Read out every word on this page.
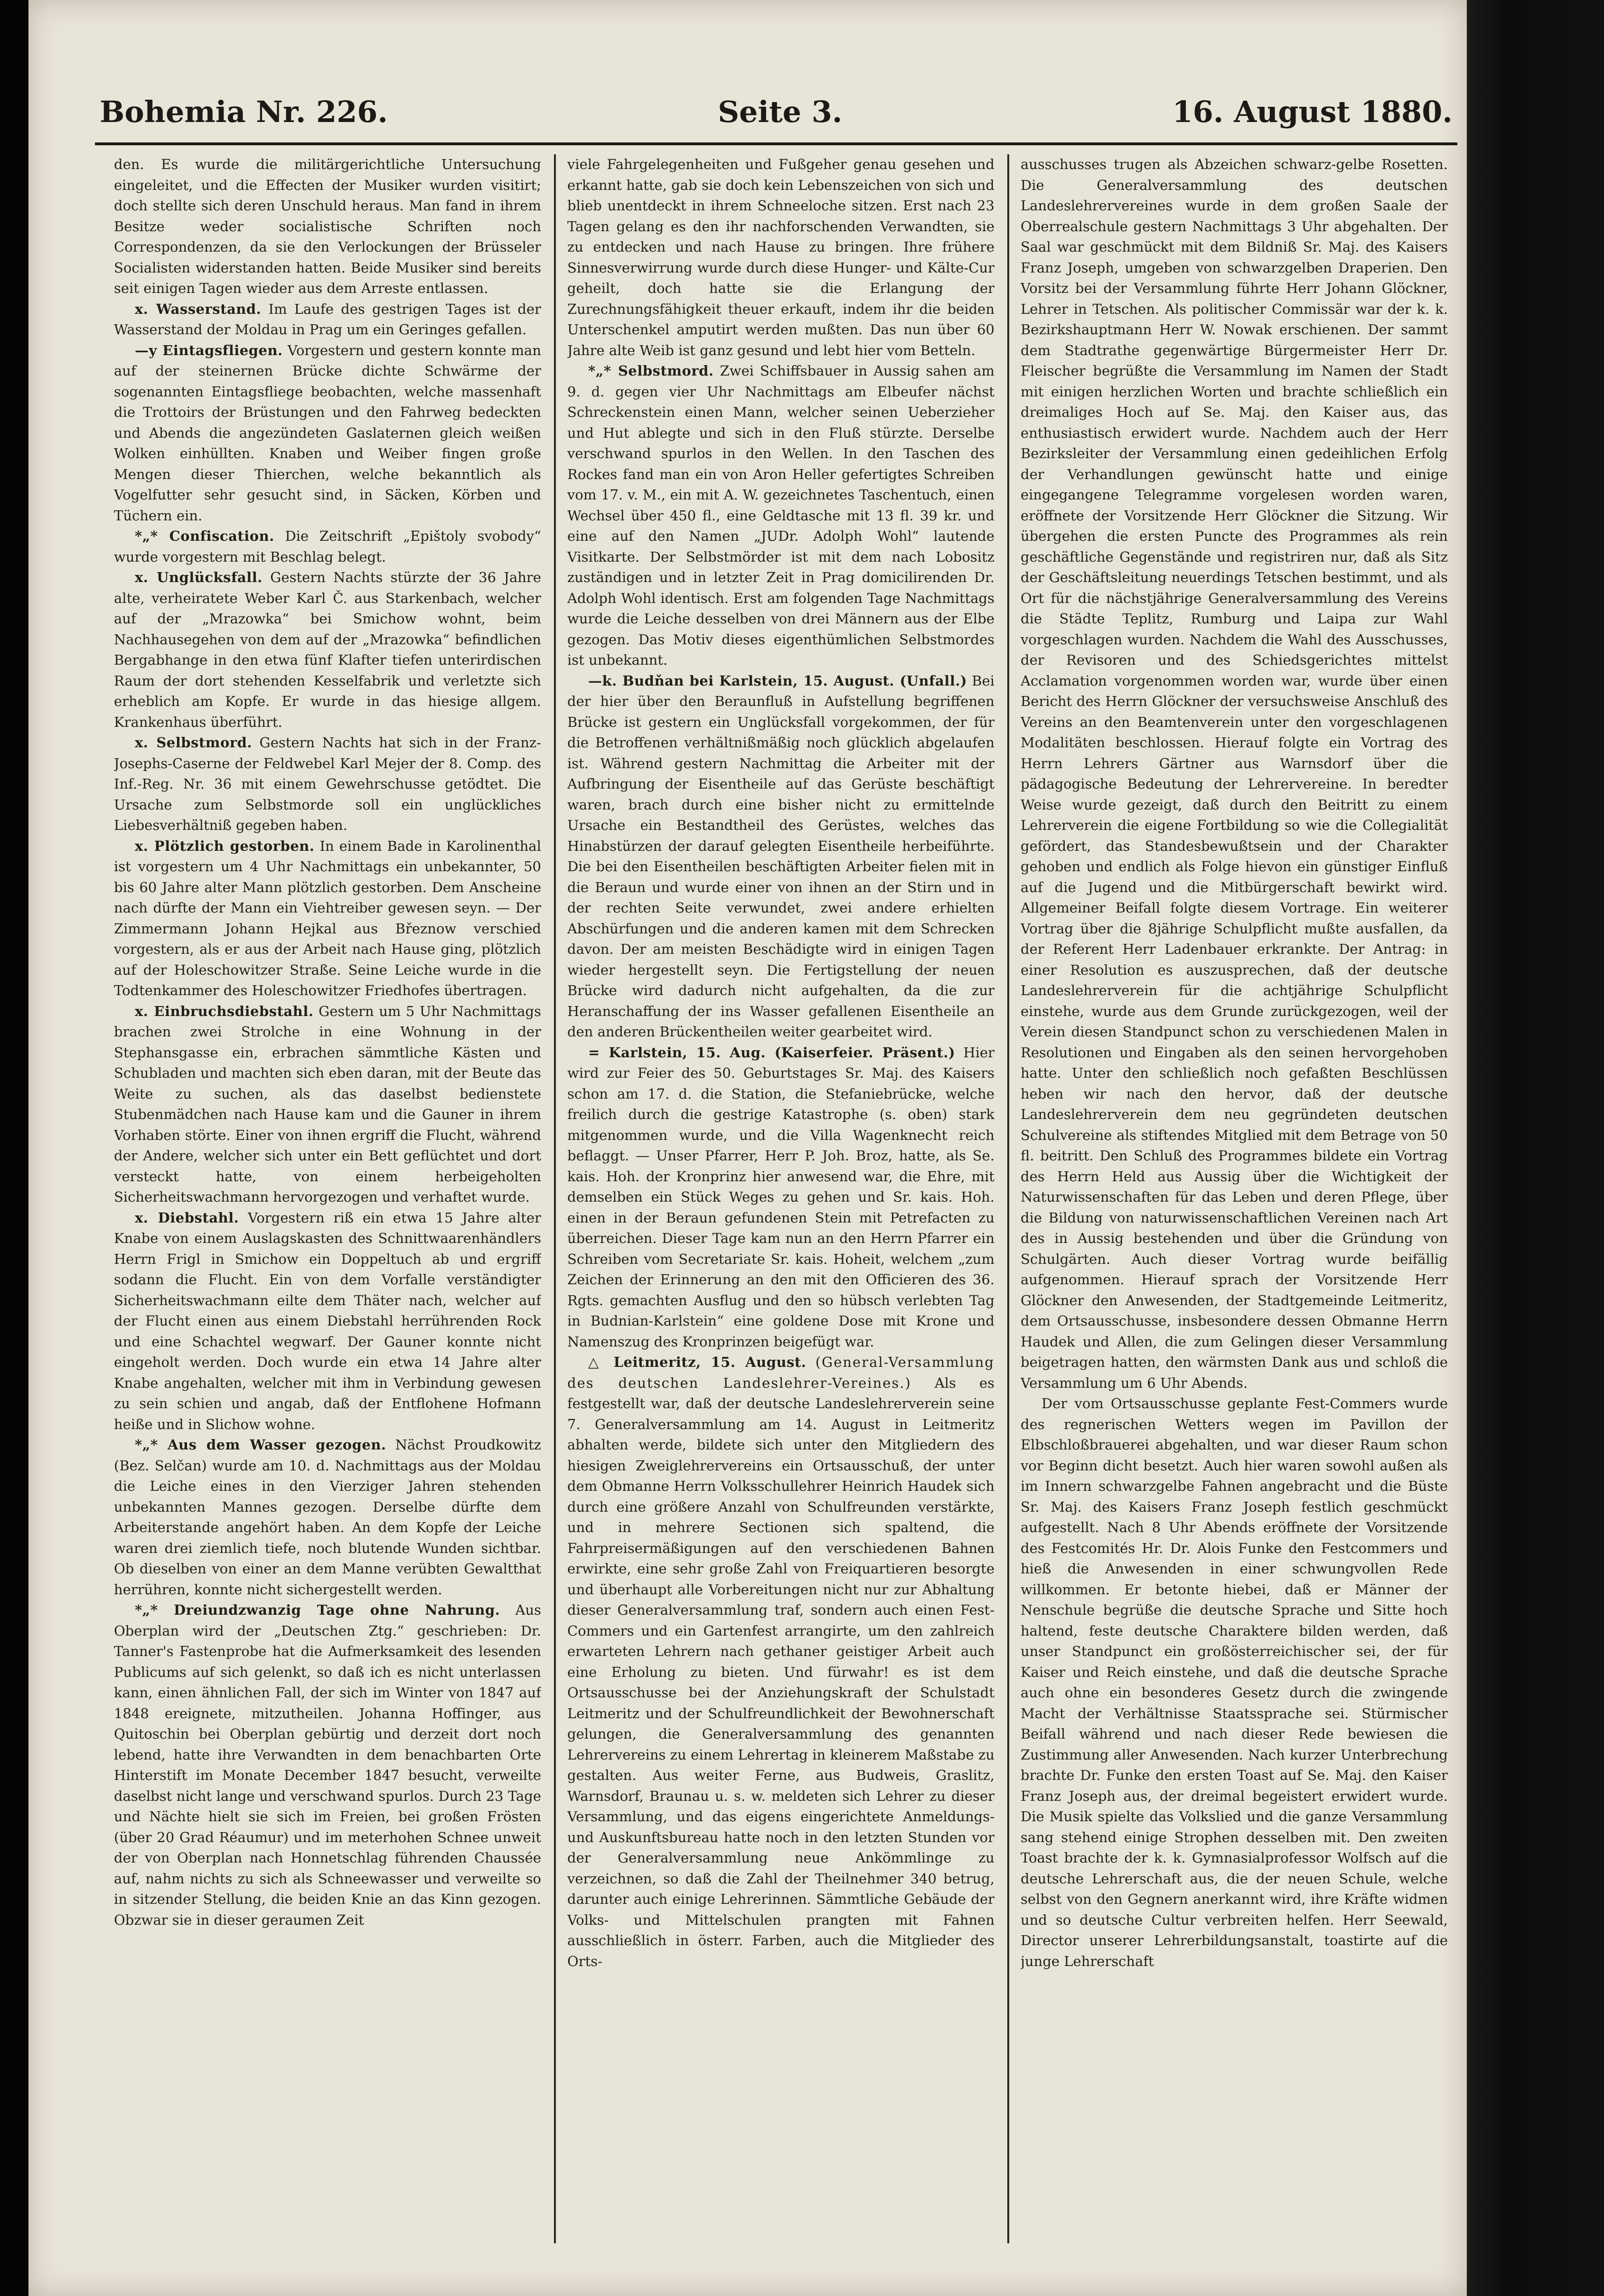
Bohemia Nr. 226.	Seite 3.	16. August 1880.

den. Es wurde die militärgerichtliche Untersuchung eingeleitet, und die Effecten der Musiker wurden visitirt; doch stellte sich deren Unschuld heraus. Man fand in ihrem Besitze weder socialistische Schriften noch Correspondenzen, da sie den Verlockungen der Brüsseler Socialisten widerstanden hatten. Beide Musiker sind bereits seit einigen Tagen wieder aus dem Arreste entlassen.

x. Wasserstand. Im Laufe des gestrigen Tages ist der Wasserstand der Moldau in Prag um ein Geringes gefallen.

—y Eintagsfliegen. Vorgestern und gestern konnte man auf der steinernen Brücke dichte Schwärme der sogenannten Eintagsfliege beobachten, welche massenhaft die Trottoirs der Brüstungen und den Fahrweg bedeckten und Abends die angezündeten Gaslaternen gleich weißen Wolken einhüllten. Knaben und Weiber fingen große Mengen dieser Thierchen, welche bekanntlich als Vogelfutter sehr gesucht sind, in Säcken, Körben und Tüchern ein.

*„* Confiscation. Die Zeitschrift „Epištoly svobody“ wurde vorgestern mit Beschlag belegt.

x. Unglücksfall. Gestern Nachts stürzte der 36 Jahre alte, verheiratete Weber Karl Č. aus Starkenbach, welcher auf der „Mrazowka“ bei Smichow wohnt, beim Nachhausegehen von dem auf der „Mrazowka“ befindlichen Bergabhange in den etwa fünf Klafter tiefen unterirdischen Raum der dort stehenden Kesselfabrik und verletzte sich erheblich am Kopfe. Er wurde in das hiesige allgem. Krankenhaus überführt.

x. Selbstmord. Gestern Nachts hat sich in der Franz-Josephs-Caserne der Feldwebel Karl Mejer der 8. Comp. des Inf.-Reg. Nr. 36 mit einem Gewehrschusse getödtet. Die Ursache zum Selbstmorde soll ein unglückliches Liebesverhältniß gegeben haben.

x. Plötzlich gestorben. In einem Bade in Karolinenthal ist vorgestern um 4 Uhr Nachmittags ein unbekannter, 50 bis 60 Jahre alter Mann plötzlich gestorben. Dem Anscheine nach dürfte der Mann ein Viehtreiber gewesen seyn. — Der Zimmermann Johann Hejkal aus Březnow verschied vorgestern, als er aus der Arbeit nach Hause ging, plötzlich auf der Holeschowitzer Straße. Seine Leiche wurde in die Todtenkammer des Holeschowitzer Friedhofes übertragen.

x. Einbruchsdiebstahl. Gestern um 5 Uhr Nachmittags brachen zwei Strolche in eine Wohnung in der Stephansgasse ein, erbrachen sämmtliche Kästen und Schubladen und machten sich eben daran, mit der Beute das Weite zu suchen, als das daselbst bedienstete Stubenmädchen nach Hause kam und die Gauner in ihrem Vorhaben störte. Einer von ihnen ergriff die Flucht, während der Andere, welcher sich unter ein Bett geflüchtet und dort versteckt hatte, von einem herbeigeholten Sicherheitswachmann hervorgezogen und verhaftet wurde.

x. Diebstahl. Vorgestern riß ein etwa 15 Jahre alter Knabe von einem Auslagskasten des Schnittwaarenhändlers Herrn Frigl in Smichow ein Doppeltuch ab und ergriff sodann die Flucht. Ein von dem Vorfalle verständigter Sicherheitswachmann eilte dem Thäter nach, welcher auf der Flucht einen aus einem Diebstahl herrührenden Rock und eine Schachtel wegwarf. Der Gauner konnte nicht eingeholt werden. Doch wurde ein etwa 14 Jahre alter Knabe angehalten, welcher mit ihm in Verbindung gewesen zu sein schien und angab, daß der Entflohene Hofmann heiße und in Slichow wohne.

*„* Aus dem Wasser gezogen. Nächst Proudkowitz (Bez. Selčan) wurde am 10. d. Nachmittags aus der Moldau die Leiche eines in den Vierziger Jahren stehenden unbekannten Mannes gezogen. Derselbe dürfte dem Arbeiterstande angehört haben. An dem Kopfe der Leiche waren drei ziemlich tiefe, noch blutende Wunden sichtbar. Ob dieselben von einer an dem Manne verübten Gewaltthat herrühren, konnte nicht sichergestellt werden.

*„* Dreiundzwanzig Tage ohne Nahrung. Aus Oberplan wird der „Deutschen Ztg.“ geschrieben: Dr. Tanner's Fastenprobe hat die Aufmerksamkeit des lesenden Publicums auf sich gelenkt, so daß ich es nicht unterlassen kann, einen ähnlichen Fall, der sich im Winter von 1847 auf 1848 ereignete, mitzutheilen. Johanna Hoffinger, aus Quitoschin bei Oberplan gebürtig und derzeit dort noch lebend, hatte ihre Verwandten in dem benachbarten Orte Hinterstift im Monate December 1847 besucht, verweilte daselbst nicht lange und verschwand spurlos. Durch 23 Tage und Nächte hielt sie sich im Freien, bei großen Frösten (über 20 Grad Réaumur) und im meterhohen Schnee unweit der von Oberplan nach Honnetschlag führenden Chaussée auf, nahm nichts zu sich als Schneewasser und verweilte so in sitzender Stellung, die beiden Knie an das Kinn gezogen. Obzwar sie in dieser geraumen Zeit

viele Fahrgelegenheiten und Fußgeher genau gesehen und erkannt hatte, gab sie doch kein Lebenszeichen von sich und blieb unentdeckt in ihrem Schneeloche sitzen. Erst nach 23 Tagen gelang es den ihr nachforschenden Verwandten, sie zu entdecken und nach Hause zu bringen. Ihre frühere Sinnesverwirrung wurde durch diese Hunger- und Kälte-Cur geheilt, doch hatte sie die Erlangung der Zurechnungsfähigkeit theuer erkauft, indem ihr die beiden Unterschenkel amputirt werden mußten. Das nun über 60 Jahre alte Weib ist ganz gesund und lebt hier vom Betteln.

*„* Selbstmord. Zwei Schiffsbauer in Aussig sahen am 9. d. gegen vier Uhr Nachmittags am Elbeufer nächst Schreckenstein einen Mann, welcher seinen Ueberzieher und Hut ablegte und sich in den Fluß stürzte. Derselbe verschwand spurlos in den Wellen. In den Taschen des Rockes fand man ein von Aron Heller gefertigtes Schreiben vom 17. v. M., ein mit A. W. gezeichnetes Taschentuch, einen Wechsel über 450 fl., eine Geldtasche mit 13 fl. 39 kr. und eine auf den Namen „JUDr. Adolph Wohl“ lautende Visitkarte. Der Selbstmörder ist mit dem nach Lobositz zuständigen und in letzter Zeit in Prag domicilirenden Dr. Adolph Wohl identisch. Erst am folgenden Tage Nachmittags wurde die Leiche desselben von drei Männern aus der Elbe gezogen. Das Motiv dieses eigenthümlichen Selbstmordes ist unbekannt.

—k. Budňan bei Karlstein, 15. August. (Unfall.) Bei der hier über den Beraunfluß in Aufstellung begriffenen Brücke ist gestern ein Unglücksfall vorgekommen, der für die Betroffenen verhältnißmäßig noch glücklich abgelaufen ist. Während gestern Nachmittag die Arbeiter mit der Aufbringung der Eisentheile auf das Gerüste beschäftigt waren, brach durch eine bisher nicht zu ermittelnde Ursache ein Bestandtheil des Gerüstes, welches das Hinabstürzen der darauf gelegten Eisentheile herbeiführte. Die bei den Eisentheilen beschäftigten Arbeiter fielen mit in die Beraun und wurde einer von ihnen an der Stirn und in der rechten Seite verwundet, zwei andere erhielten Abschürfungen und die anderen kamen mit dem Schrecken davon. Der am meisten Beschädigte wird in einigen Tagen wieder hergestellt seyn. Die Fertigstellung der neuen Brücke wird dadurch nicht aufgehalten, da die zur Heranschaffung der ins Wasser gefallenen Eisentheile an den anderen Brückentheilen weiter gearbeitet wird.

= Karlstein, 15. Aug. (Kaiserfeier. Präsent.) Hier wird zur Feier des 50. Geburtstages Sr. Maj. des Kaisers schon am 17. d. die Station, die Stefaniebrücke, welche freilich durch die gestrige Katastrophe (s. oben) stark mitgenommen wurde, und die Villa Wagenknecht reich beflaggt. — Unser Pfarrer, Herr P. Joh. Broz, hatte, als Se. kais. Hoh. der Kronprinz hier anwesend war, die Ehre, mit demselben ein Stück Weges zu gehen und Sr. kais. Hoh. einen in der Beraun gefundenen Stein mit Petrefacten zu überreichen. Dieser Tage kam nun an den Herrn Pfarrer ein Schreiben vom Secretariate Sr. kais. Hoheit, welchem „zum Zeichen der Erinnerung an den mit den Officieren des 36. Rgts. gemachten Ausflug und den so hübsch verlebten Tag in Budnian-Karlstein“ eine goldene Dose mit Krone und Namenszug des Kronprinzen beigefügt war.

△ Leitmeritz, 15. August. (General-Versammlung des deutschen Landeslehrer-Vereines.) Als es festgestellt war, daß der deutsche Landeslehrerverein seine 7. Generalversammlung am 14. August in Leitmeritz abhalten werde, bildete sich unter den Mitgliedern des hiesigen Zweiglehrervereins ein Ortsausschuß, der unter dem Obmanne Herrn Volksschullehrer Heinrich Haudek sich durch eine größere Anzahl von Schulfreunden verstärkte, und in mehrere Sectionen sich spaltend, die Fahrpreisermäßigungen auf den verschiedenen Bahnen erwirkte, eine sehr große Zahl von Freiquartieren besorgte und überhaupt alle Vorbereitungen nicht nur zur Abhaltung dieser Generalversammlung traf, sondern auch einen Fest-Commers und ein Gartenfest arrangirte, um den zahlreich erwarteten Lehrern nach gethaner geistiger Arbeit auch eine Erholung zu bieten. Und fürwahr! es ist dem Ortsausschusse bei der Anziehungskraft der Schulstadt Leitmeritz und der Schulfreundlichkeit der Bewohnerschaft gelungen, die Generalversammlung des genannten Lehrervereins zu einem Lehrertag in kleinerem Maßstabe zu gestalten. Aus weiter Ferne, aus Budweis, Graslitz, Warnsdorf, Braunau u. s. w. meldeten sich Lehrer zu dieser Versammlung, und das eigens eingerichtete Anmeldungs- und Auskunftsbureau hatte noch in den letzten Stunden vor der Generalversammlung neue Ankömmlinge zu verzeichnen, so daß die Zahl der Theilnehmer 340 betrug, darunter auch einige Lehrerinnen. Sämmtliche Gebäude der Volks- und Mittelschulen prangten mit Fahnen ausschließlich in österr. Farben, auch die Mitglieder des Orts-

ausschusses trugen als Abzeichen schwarz-gelbe Rosetten. Die Generalversammlung des deutschen Landeslehrervereines wurde in dem großen Saale der Oberrealschule gestern Nachmittags 3 Uhr abgehalten. Der Saal war geschmückt mit dem Bildniß Sr. Maj. des Kaisers Franz Joseph, umgeben von schwarzgelben Draperien. Den Vorsitz bei der Versammlung führte Herr Johann Glöckner, Lehrer in Tetschen. Als politischer Commissär war der k. k. Bezirkshauptmann Herr W. Nowak erschienen. Der sammt dem Stadtrathe gegenwärtige Bürgermeister Herr Dr. Fleischer begrüßte die Versammlung im Namen der Stadt mit einigen herzlichen Worten und brachte schließlich ein dreimaliges Hoch auf Se. Maj. den Kaiser aus, das enthusiastisch erwidert wurde. Nachdem auch der Herr Bezirksleiter der Versammlung einen gedeihlichen Erfolg der Verhandlungen gewünscht hatte und einige eingegangene Telegramme vorgelesen worden waren, eröffnete der Vorsitzende Herr Glöckner die Sitzung. Wir übergehen die ersten Puncte des Programmes als rein geschäftliche Gegenstände und registriren nur, daß als Sitz der Geschäftsleitung neuerdings Tetschen bestimmt, und als Ort für die nächstjährige Generalversammlung des Vereins die Städte Teplitz, Rumburg und Laipa zur Wahl vorgeschlagen wurden. Nachdem die Wahl des Ausschusses, der Revisoren und des Schiedsgerichtes mittelst Acclamation vorgenommen worden war, wurde über einen Bericht des Herrn Glöckner der versuchsweise Anschluß des Vereins an den Beamtenverein unter den vorgeschlagenen Modalitäten beschlossen. Hierauf folgte ein Vortrag des Herrn Lehrers Gärtner aus Warnsdorf über die pädagogische Bedeutung der Lehrervereine. In beredter Weise wurde gezeigt, daß durch den Beitritt zu einem Lehrerverein die eigene Fortbildung so wie die Collegialität gefördert, das Standesbewußtsein und der Charakter gehoben und endlich als Folge hievon ein günstiger Einfluß auf die Jugend und die Mitbürgerschaft bewirkt wird. Allgemeiner Beifall folgte diesem Vortrage. Ein weiterer Vortrag über die 8jährige Schulpflicht mußte ausfallen, da der Referent Herr Ladenbauer erkrankte. Der Antrag: in einer Resolution es auszusprechen, daß der deutsche Landeslehrerverein für die achtjährige Schulpflicht einstehe, wurde aus dem Grunde zurückgezogen, weil der Verein diesen Standpunct schon zu verschiedenen Malen in Resolutionen und Eingaben als den seinen hervorgehoben hatte. Unter den schließlich noch gefaßten Beschlüssen heben wir nach den hervor, daß der deutsche Landeslehrerverein dem neu gegründeten deutschen Schulvereine als stiftendes Mitglied mit dem Betrage von 50 fl. beitritt. Den Schluß des Programmes bildete ein Vortrag des Herrn Held aus Aussig über die Wichtigkeit der Naturwissenschaften für das Leben und deren Pflege, über die Bildung von naturwissenschaftlichen Vereinen nach Art des in Aussig bestehenden und über die Gründung von Schulgärten. Auch dieser Vortrag wurde beifällig aufgenommen. Hierauf sprach der Vorsitzende Herr Glöckner den Anwesenden, der Stadtgemeinde Leitmeritz, dem Ortsausschusse, insbesondere dessen Obmanne Herrn Haudek und Allen, die zum Gelingen dieser Versammlung beigetragen hatten, den wärmsten Dank aus und schloß die Versammlung um 6 Uhr Abends.

Der vom Ortsausschusse geplante Fest-Commers wurde des regnerischen Wetters wegen im Pavillon der Elbschloßbrauerei abgehalten, und war dieser Raum schon vor Beginn dicht besetzt. Auch hier waren sowohl außen als im Innern schwarzgelbe Fahnen angebracht und die Büste Sr. Maj. des Kaisers Franz Joseph festlich geschmückt aufgestellt. Nach 8 Uhr Abends eröffnete der Vorsitzende des Festcomités Hr. Dr. Alois Funke den Festcommers und hieß die Anwesenden in einer schwungvollen Rede willkommen. Er betonte hiebei, daß er Männer der Nenschule begrüße die deutsche Sprache und Sitte hoch haltend, feste deutsche Charaktere bilden werden, daß unser Standpunct ein großösterreichischer sei, der für Kaiser und Reich einstehe, und daß die deutsche Sprache auch ohne ein besonderes Gesetz durch die zwingende Macht der Verhältnisse Staatssprache sei. Stürmischer Beifall während und nach dieser Rede bewiesen die Zustimmung aller Anwesenden. Nach kurzer Unterbrechung brachte Dr. Funke den ersten Toast auf Se. Maj. den Kaiser Franz Joseph aus, der dreimal begeistert erwidert wurde. Die Musik spielte das Volkslied und die ganze Versammlung sang stehend einige Strophen desselben mit. Den zweiten Toast brachte der k. k. Gymnasialprofessor Wolfsch auf die deutsche Lehrerschaft aus, die der neuen Schule, welche selbst von den Gegnern anerkannt wird, ihre Kräfte widmen und so deutsche Cultur verbreiten helfen. Herr Seewald, Director unserer Lehrerbildungsanstalt, toastirte auf die junge Lehrerschaft
